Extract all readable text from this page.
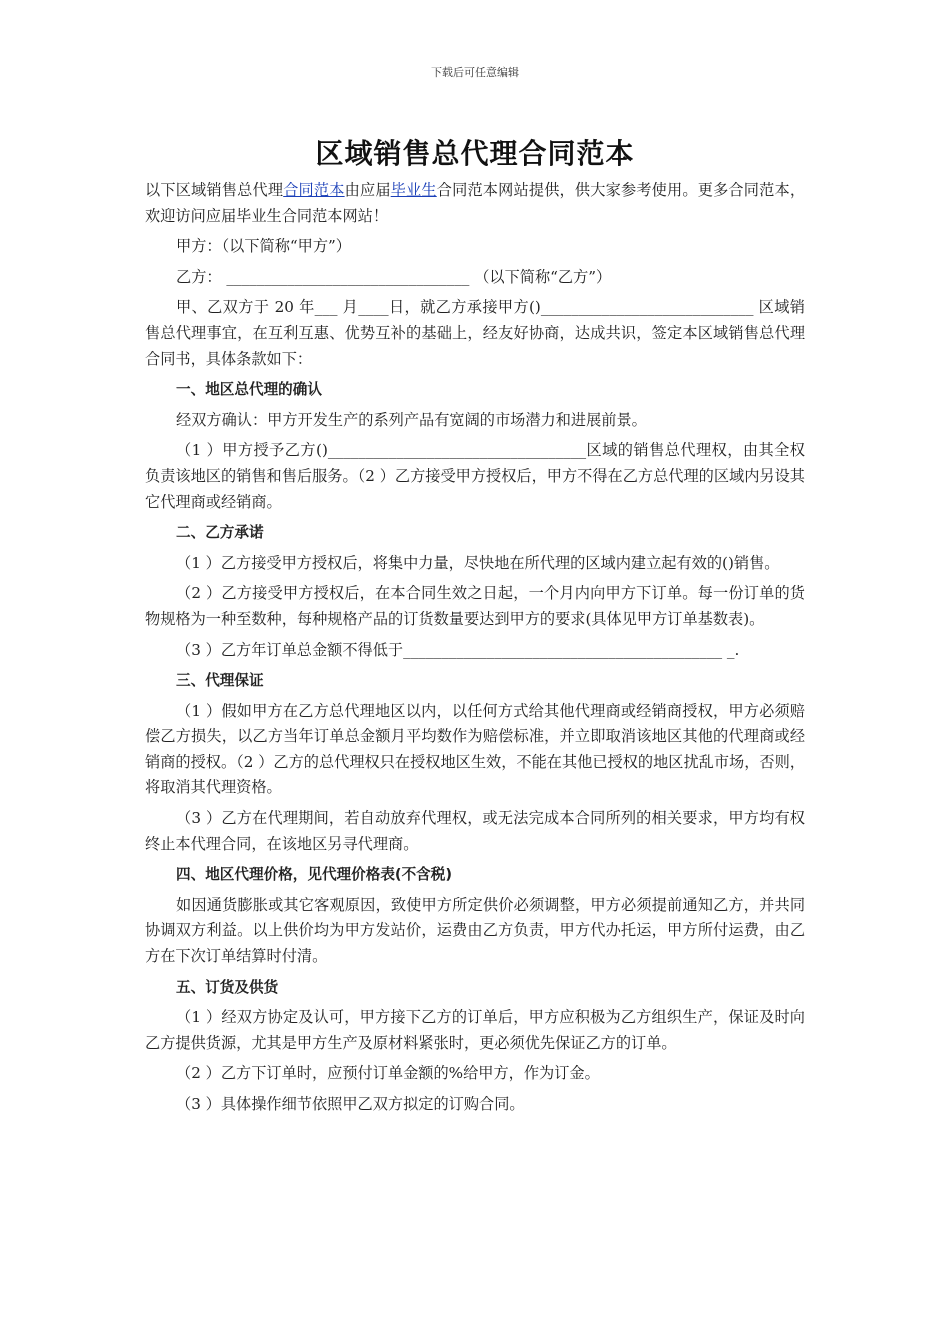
下载后可任意编辑
区域销售总代理合同范本

以下区域销售总代理合同范本由应届毕业生合同范本网站提供，供大家参考使用。更多合同范本，欢迎访问应届毕业生合同范本网站！

甲方：（以下简称“甲方”）

乙方： ________________________________ （以下简称“乙方”）

甲、乙双方于 20 年___ 月____日，就乙方承接甲方()____________________________ 区域销售总代理事宜，在互利互惠、优势互补的基础上，经友好协商，达成共识，签定本区域销售总代理合同书，具体条款如下：

一、地区总代理的确认

经双方确认：甲方开发生产的系列产品有宽阔的市场潜力和进展前景。

（1 ）甲方授予乙方()__________________________________区域的销售总代理权，由其全权负责该地区的销售和售后服务。（2 ）乙方接受甲方授权后，甲方不得在乙方总代理的区域内另设其它代理商或经销商。

二、乙方承诺

（1 ）乙方接受甲方授权后，将集中力量，尽快地在所代理的区域内建立起有效的()销售。

（2 ）乙方接受甲方授权后，在本合同生效之日起，一个月内向甲方下订单。每一份订单的货物规格为一种至数种，每种规格产品的订货数量要达到甲方的要求(具体见甲方订单基数表)。

（3 ）乙方年订单总金额不得低于__________________________________________ _.

三、代理保证

（1 ）假如甲方在乙方总代理地区以内，以任何方式给其他代理商或经销商授权，甲方必须赔偿乙方损失，以乙方当年订单总金额月平均数作为赔偿标准，并立即取消该地区其他的代理商或经销商的授权。（2 ）乙方的总代理权只在授权地区生效，不能在其他已授权的地区扰乱市场，否则，将取消其代理资格。

（3 ）乙方在代理期间，若自动放弃代理权，或无法完成本合同所列的相关要求，甲方均有权终止本代理合同，在该地区另寻代理商。

四、地区代理价格，见代理价格表(不含税)

如因通货膨胀或其它客观原因，致使甲方所定供价必须调整，甲方必须提前通知乙方，并共同协调双方利益。以上供价均为甲方发站价，运费由乙方负责，甲方代办托运，甲方所付运费，由乙方在下次订单结算时付清。

五、订货及供货

（1 ）经双方协定及认可，甲方接下乙方的订单后，甲方应积极为乙方组织生产，保证及时向乙方提供货源，尤其是甲方生产及原材料紧张时，更必须优先保证乙方的订单。

（2 ）乙方下订单时，应预付订单金额的%给甲方，作为订金。

（3 ）具体操作细节依照甲乙双方拟定的订购合同。
